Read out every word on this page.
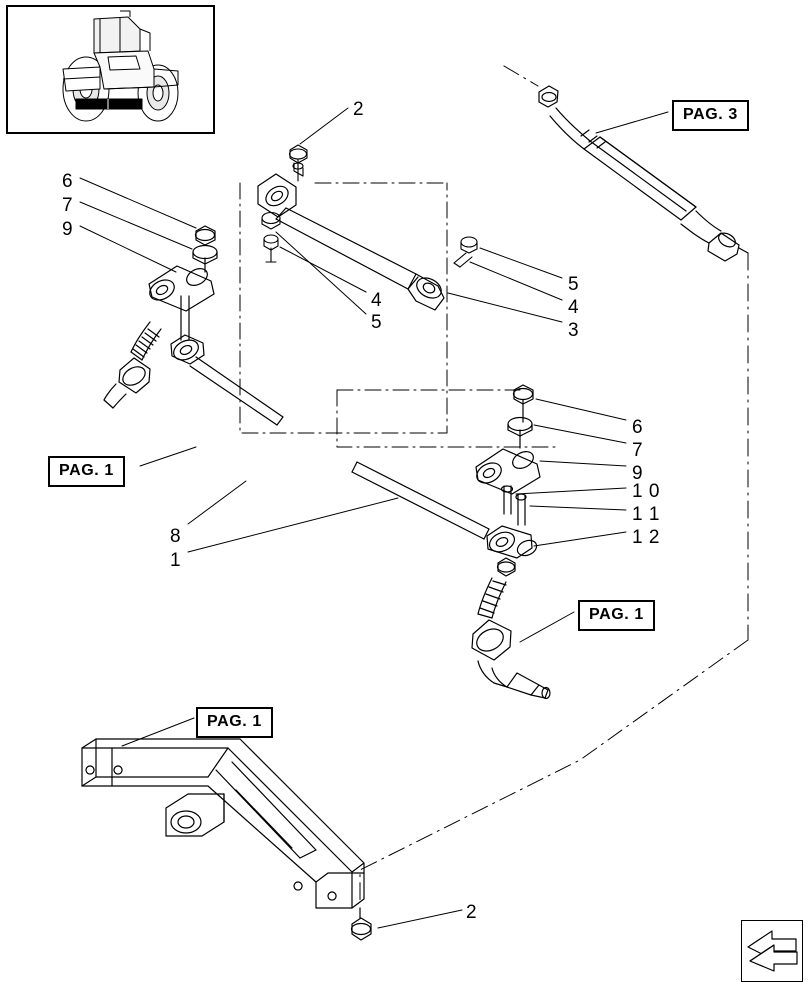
PAG. 3
PAG. 1
PAG. 1
PAG. 1
2
6
7
9
4
5
5
4
3
6
7
9
1 0
1 1
1 2
8
1
2
